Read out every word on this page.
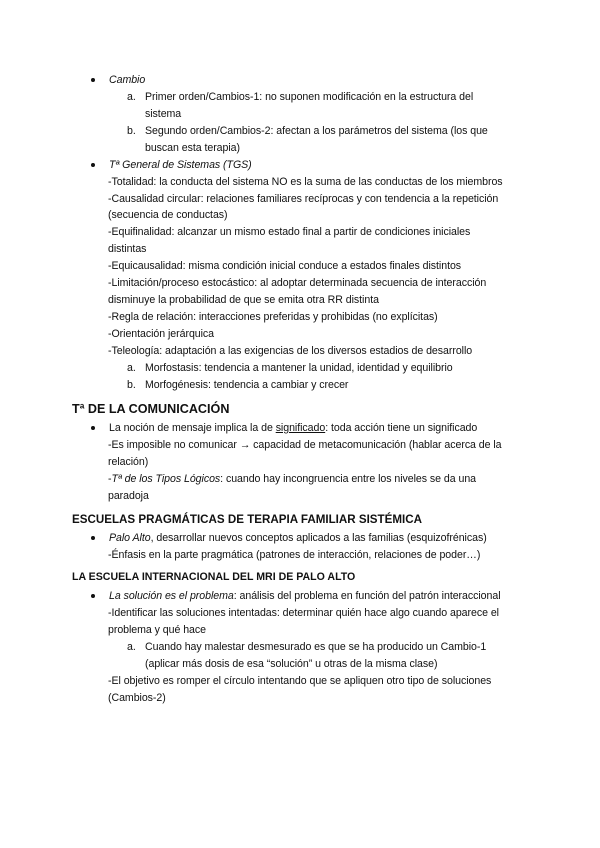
Cambio
a. Primer orden/Cambios-1: no suponen modificación en la estructura del
sistema
b. Segundo orden/Cambios-2: afectan a los parámetros del sistema (los que
buscan esta terapia)
Tª General de Sistemas (TGS)
-Totalidad: la conducta del sistema NO es la suma de las conductas de los miembros
-Causalidad circular: relaciones familiares recíprocas y con tendencia a la repetición
(secuencia de conductas)
-Equifinalidad: alcanzar un mismo estado final a partir de condiciones iniciales
distintas
-Equicausalidad: misma condición inicial conduce a estados finales distintos
-Limitación/proceso estocástico: al adoptar determinada secuencia de interacción
disminuye la probabilidad de que se emita otra RR distinta
-Regla de relación: interacciones preferidas y prohibidas (no explícitas)
-Orientación jerárquica
-Teleología: adaptación a las exigencias de los diversos estadios de desarrollo
a. Morfostasis: tendencia a mantener la unidad, identidad y equilibrio
b. Morfogénesis: tendencia a cambiar y crecer
Tª DE LA COMUNICACIÓN
La noción de mensaje implica la de significado: toda acción tiene un significado
-Es imposible no comunicar → capacidad de metacomunicación (hablar acerca de la
relación)
-Tª de los Tipos Lógicos: cuando hay incongruencia entre los niveles se da una
paradoja
ESCUELAS PRAGMÁTICAS DE TERAPIA FAMILIAR SISTÉMICA
Palo Alto, desarrollar nuevos conceptos aplicados a las familias (esquizofrénicas)
-Énfasis en la parte pragmática (patrones de interacción, relaciones de poder…)
LA ESCUELA INTERNACIONAL DEL MRI DE PALO ALTO
La solución es el problema: análisis del problema en función del patrón interaccional
-Identificar las soluciones intentadas: determinar quién hace algo cuando aparece el
problema y qué hace
a. Cuando hay malestar desmesurado es que se ha producido un Cambio-1
(aplicar más dosis de esa “solución” u otras de la misma clase)
-El objetivo es romper el círculo intentando que se apliquen otro tipo de soluciones
(Cambios-2)
